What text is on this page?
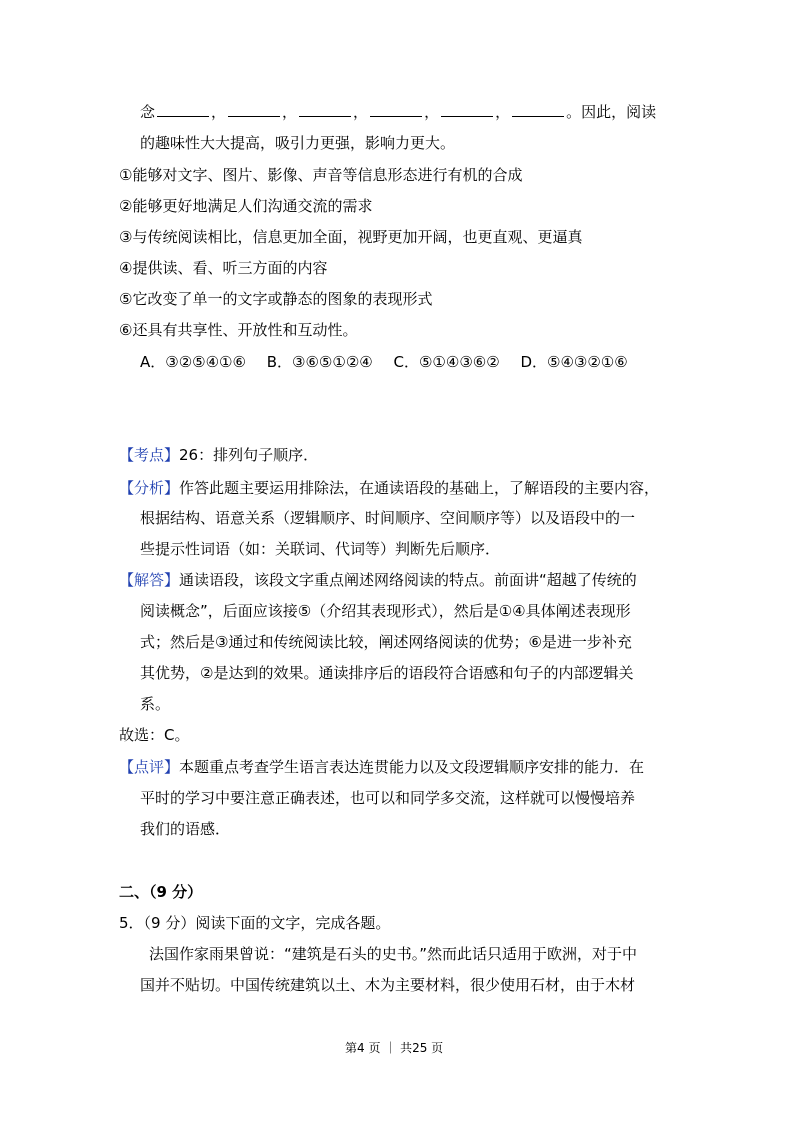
念	，	，	，	，	，	。因此，阅读
的趣味性大大提高，吸引力更强，影响力更大。
①能够对文字、图片、影像、声音等信息形态进行有机的合成
②能够更好地满足人们沟通交流的需求
③与传统阅读相比，信息更加全面，视野更加开阔，也更直观、更逼真
④提供读、看、听三方面的内容
⑤它改变了单一的文字或静态的图象的表现形式
⑥还具有共享性、开放性和互动性。
A．③②⑤④①⑥ B．③⑥⑤①②④ C．⑤①④③⑥② D．⑤④③②①⑥
【考点】26：排列句子顺序．
【分析】作答此题主要运用排除法，在通读语段的基础上，了解语段的主要内容，
根据结构、语意关系（逻辑顺序、时间顺序、空间顺序等）以及语段中的一
些提示性词语（如：关联词、代词等）判断先后顺序．
【解答】通读语段，该段文字重点阐述网络阅读的特点。前面讲“超越了传统的
阅读概念”，后面应该接⑤（介绍其表现形式），然后是①④具体阐述表现形
式；然后是③通过和传统阅读比较，阐述网络阅读的优势；⑥是进一步补充
其优势，②是达到的效果。通读排序后的语段符合语感和句子的内部逻辑关
系。
故选：C。
【点评】本题重点考查学生语言表达连贯能力以及文段逻辑顺序安排的能力．在
平时的学习中要注意正确表述，也可以和同学多交流，这样就可以慢慢培养
我们的语感．
二、（9 分）
5．（9 分）阅读下面的文字，完成各题。
法国作家雨果曾说：“建筑是石头的史书。”然而此话只适用于欧洲，对于中
国并不贴切。中国传统建筑以土、木为主要材料，很少使用石材，由于木材
第4 页 ｜ 共25 页
